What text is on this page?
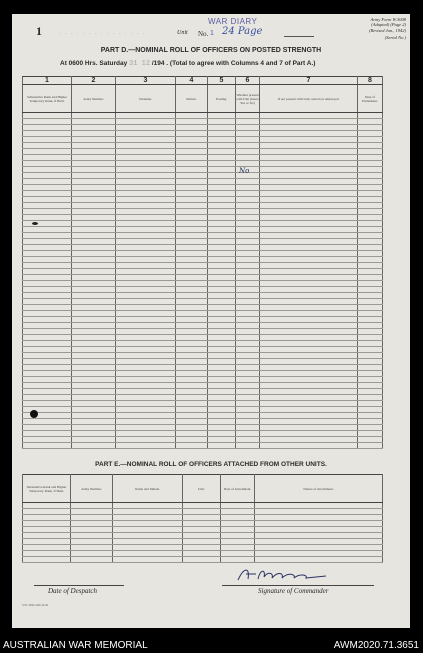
1	. . . . . . . . . . . . . . .	Unit
WAR DIARY
No. 1 24 Page
Army Form W.3008
(Adapted) (Page 2)
(Revised Jan., 1942)
(Serial No.)
PART D.—NOMINAL ROLL OF OFFICERS ON POSTED STRENGTH
At 0600 Hrs. Saturday 31 12 /194 . (Total to agree with Columns 4 and 7 of Part A.)
1	2	3	4	5	6	7	8
Substantive Rank and Higher Temporary Rank, if Held.	Army Number.	Surname.	Initials.	Posting.	Whether present with Unit (insert Yes or No)	If not present with Unit, state how employed.	Date of Enlistment.

No
PART E.—NOMINAL ROLL OF OFFICERS ATTACHED FROM OTHER UNITS.
Substantive Rank and Higher Temporary Rank, if Held.	Army Number.	Name and Initials.	Unit.	Date of Attachment.	Nature of Attachment.

Date of Despatch	Signature of Commander
S.W. 2044 10m 10.42
AUSTRALIAN WAR MEMORIAL	AWM2020.71.3651
